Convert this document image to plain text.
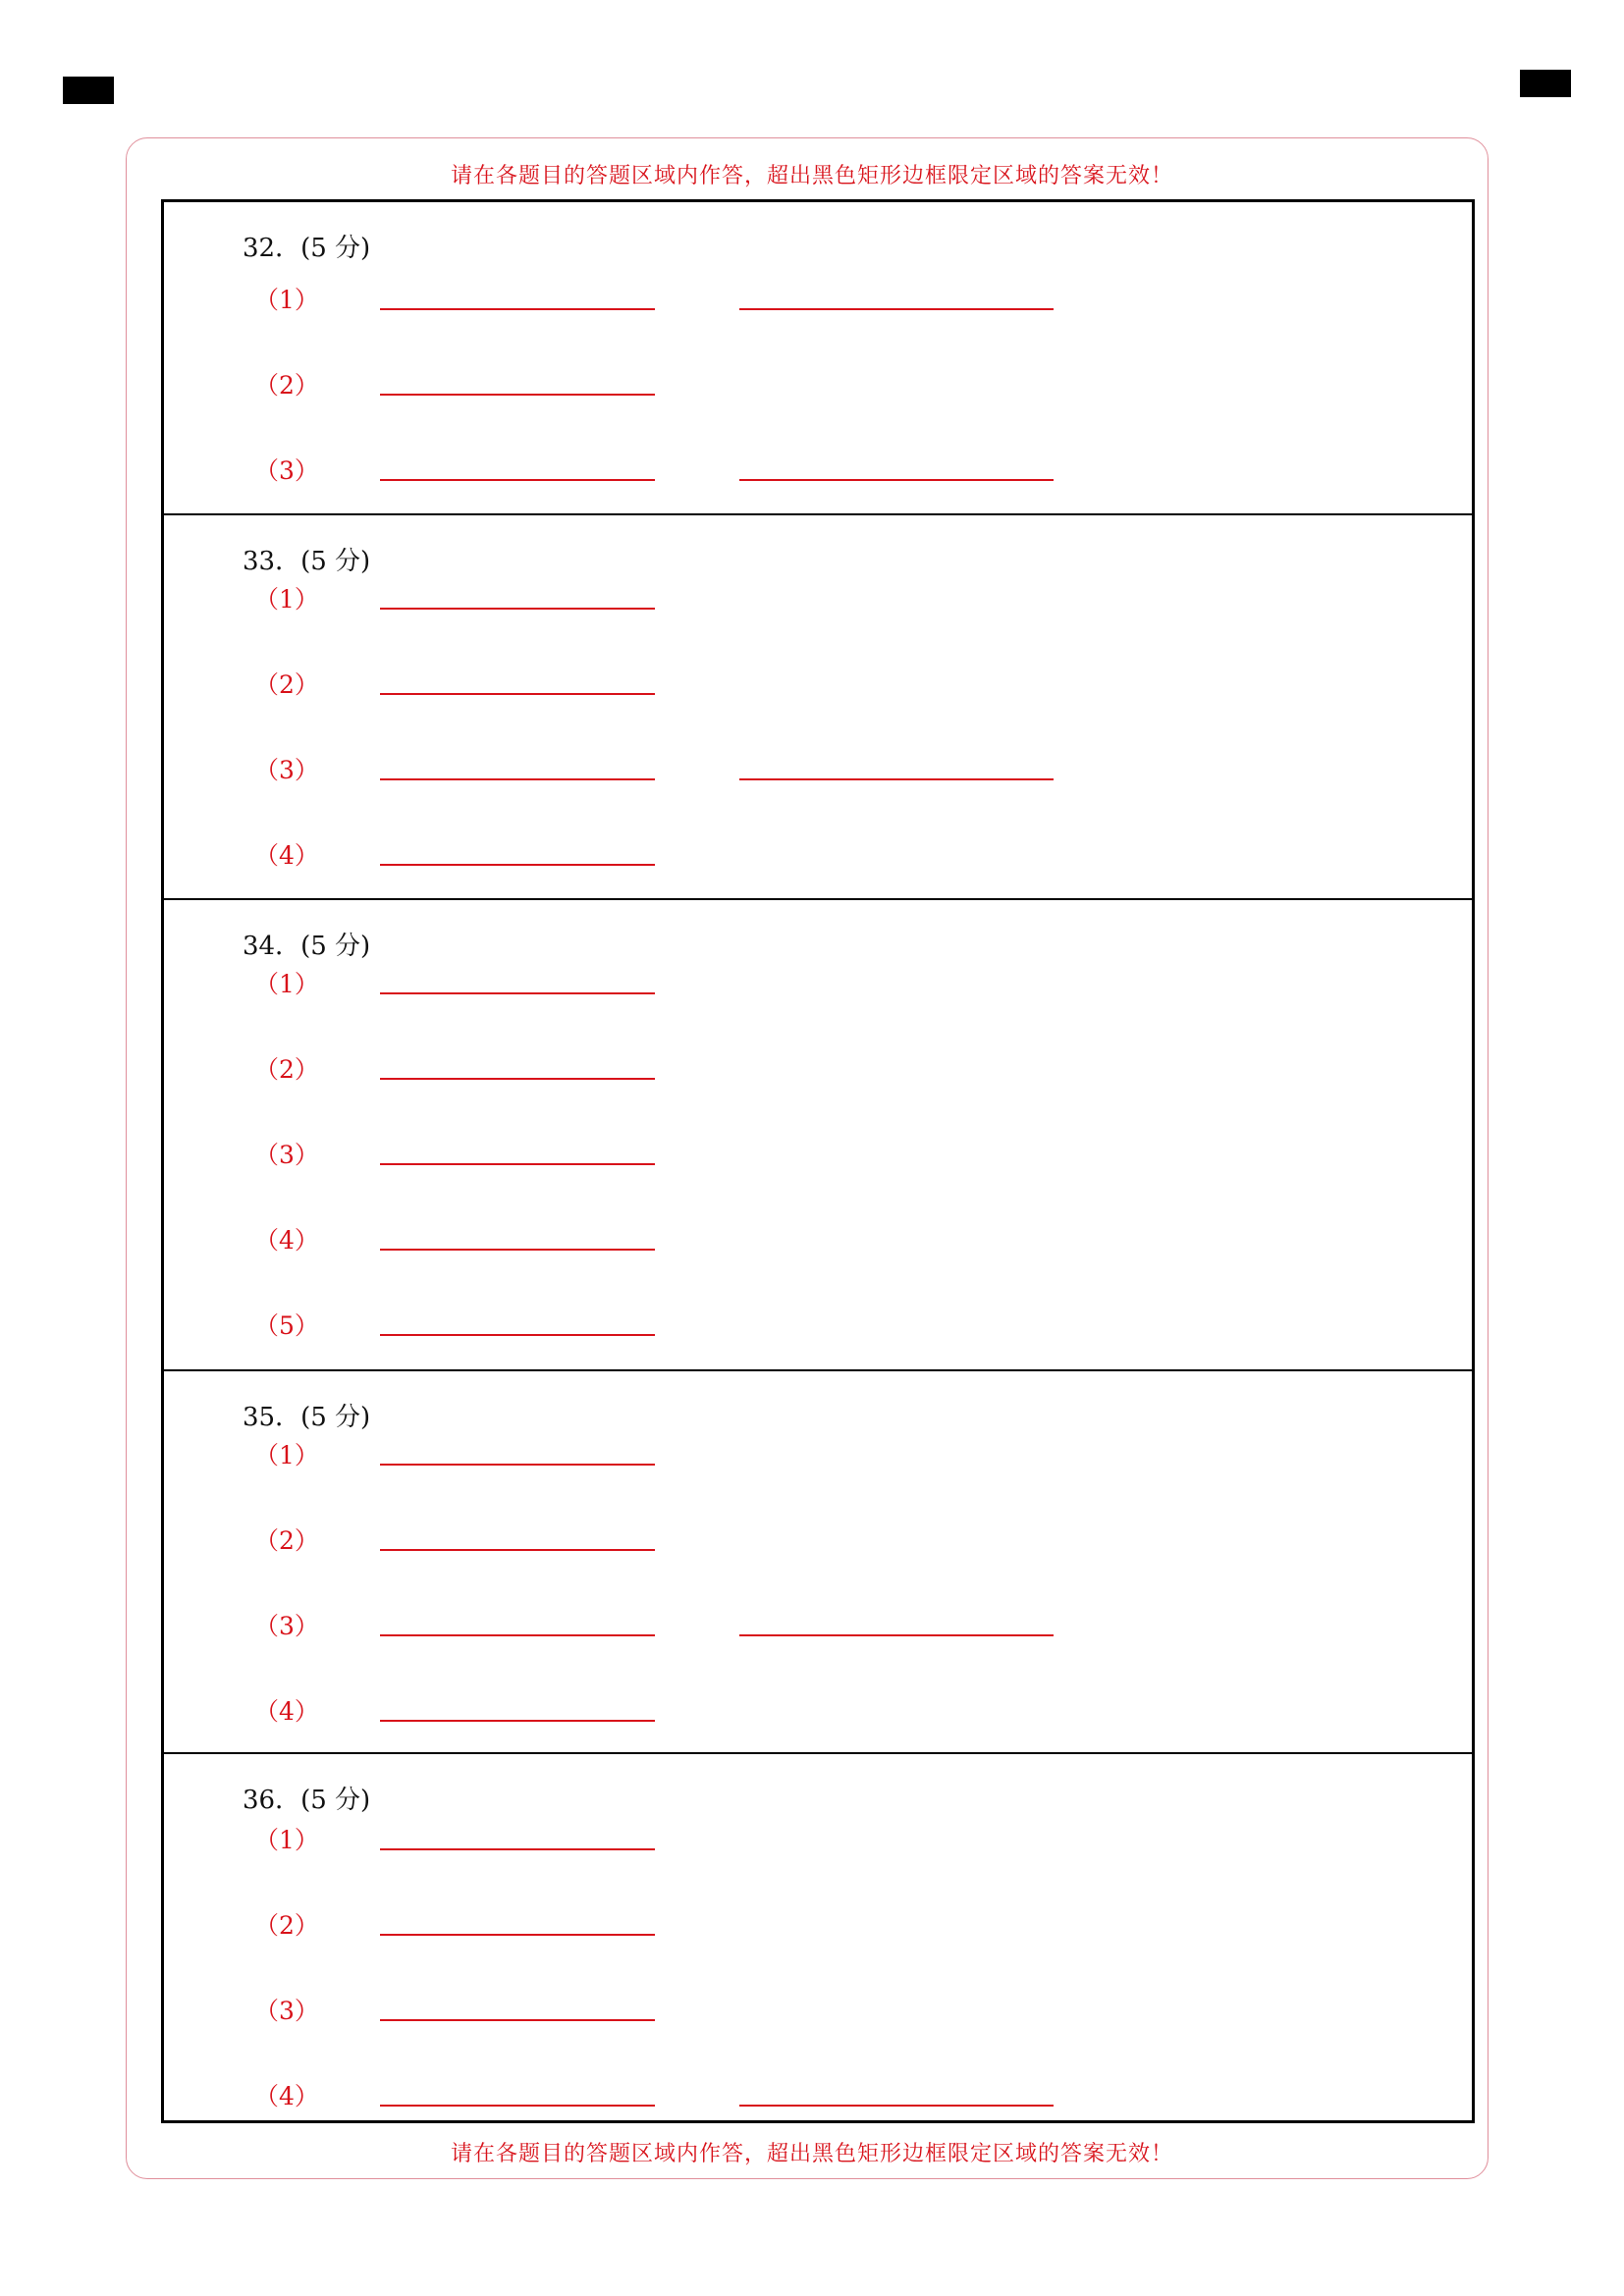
请在各题目的答题区域内作答，超出黑色矩形边框限定区域的答案无效！
32．(5 分)
（1）
（2）
（3）
33．(5 分)
（1）
（2）
（3）
（4）
34．(5 分)
（1）
（2）
（3）
（4）
（5）
35．(5 分)
（1）
（2）
（3）
（4）
36．(5 分)
（1）
（2）
（3）
（4）
请在各题目的答题区域内作答，超出黑色矩形边框限定区域的答案无效！
